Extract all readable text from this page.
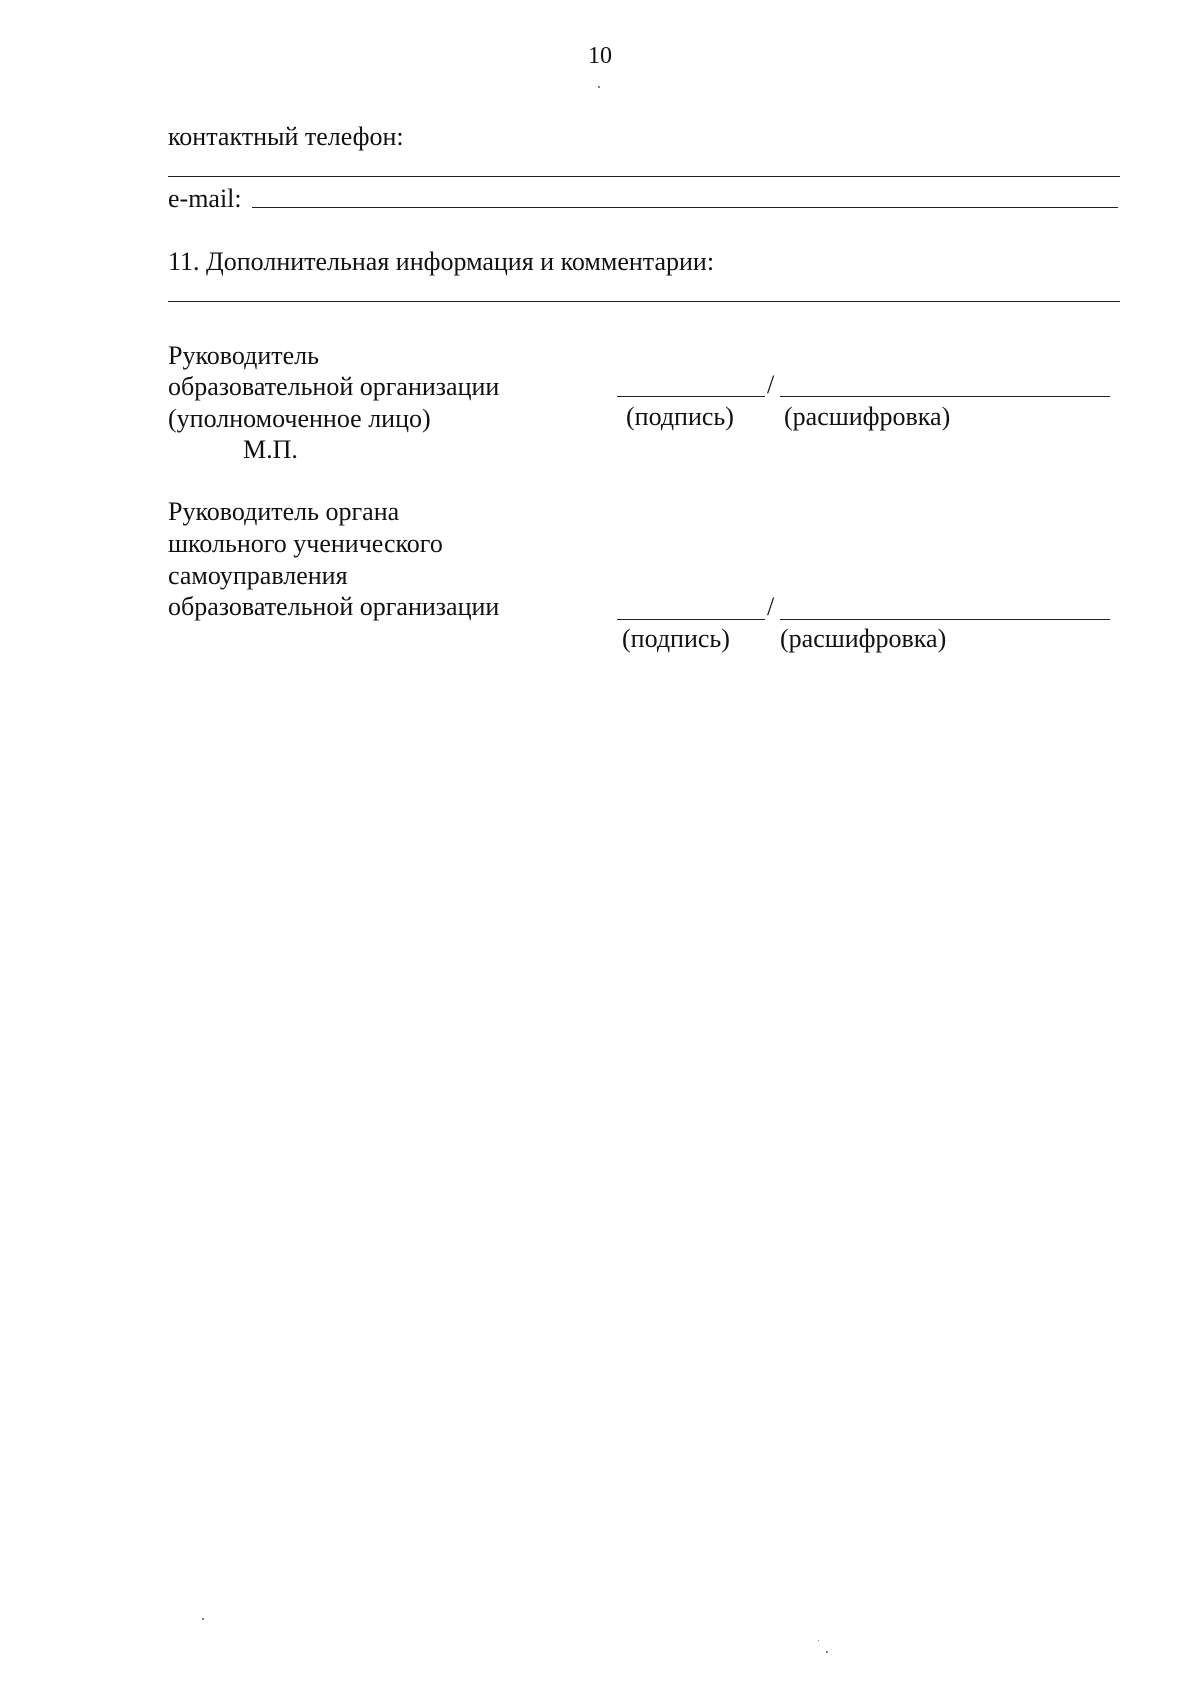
10
контактный телефон:
e-mail:
11. Дополнительная информация и комментарии:
Руководитель
образовательной организации
(уполномоченное лицо)
М.П.
/
(подпись) (расшифровка)
Руководитель органа
школьного ученического
самоуправления
образовательной организации	/
(подпись) (расшифровка)
